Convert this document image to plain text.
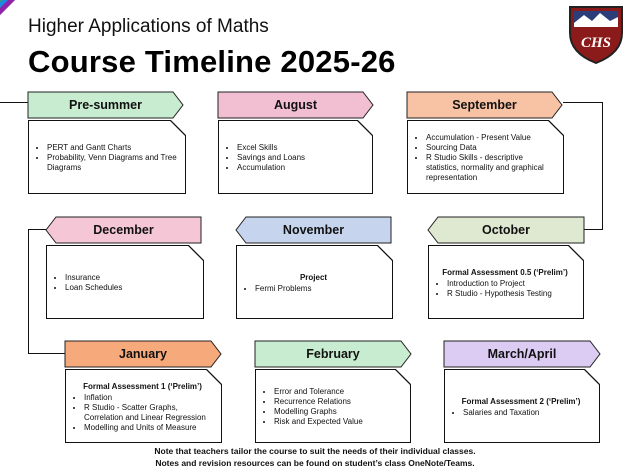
Higher Applications of Maths
Course Timeline 2025-26
CHS
Pre-summer
• PERT and Gantt Charts
• Probability, Venn Diagrams and Tree Diagrams
August
• Excel Skills
• Savings and Loans
• Accumulation
September
• Accumulation - Present Value
• Sourcing Data
• R Studio Skills - descriptive statistics, normality and graphical representation
December
• Insurance
• Loan Schedules
November
Project
• Fermi Problems
October
Formal Assessment 0.5 (‘Prelim’)
• Introduction to Project
• R Studio - Hypothesis Testing
January
Formal Assessment 1 (‘Prelim’)
• Inflation
• R Studio - Scatter Graphs, Correlation and Linear Regression
• Modelling and Units of Measure
February
• Error and Tolerance
• Recurrence Relations
• Modelling Graphs
• Risk and Expected Value
March/April
Formal Assessment 2 (‘Prelim’)
• Salaries and Taxation
Note that teachers tailor the course to suit the needs of their individual classes.
Notes and revision resources can be found on student’s class OneNote/Teams.
